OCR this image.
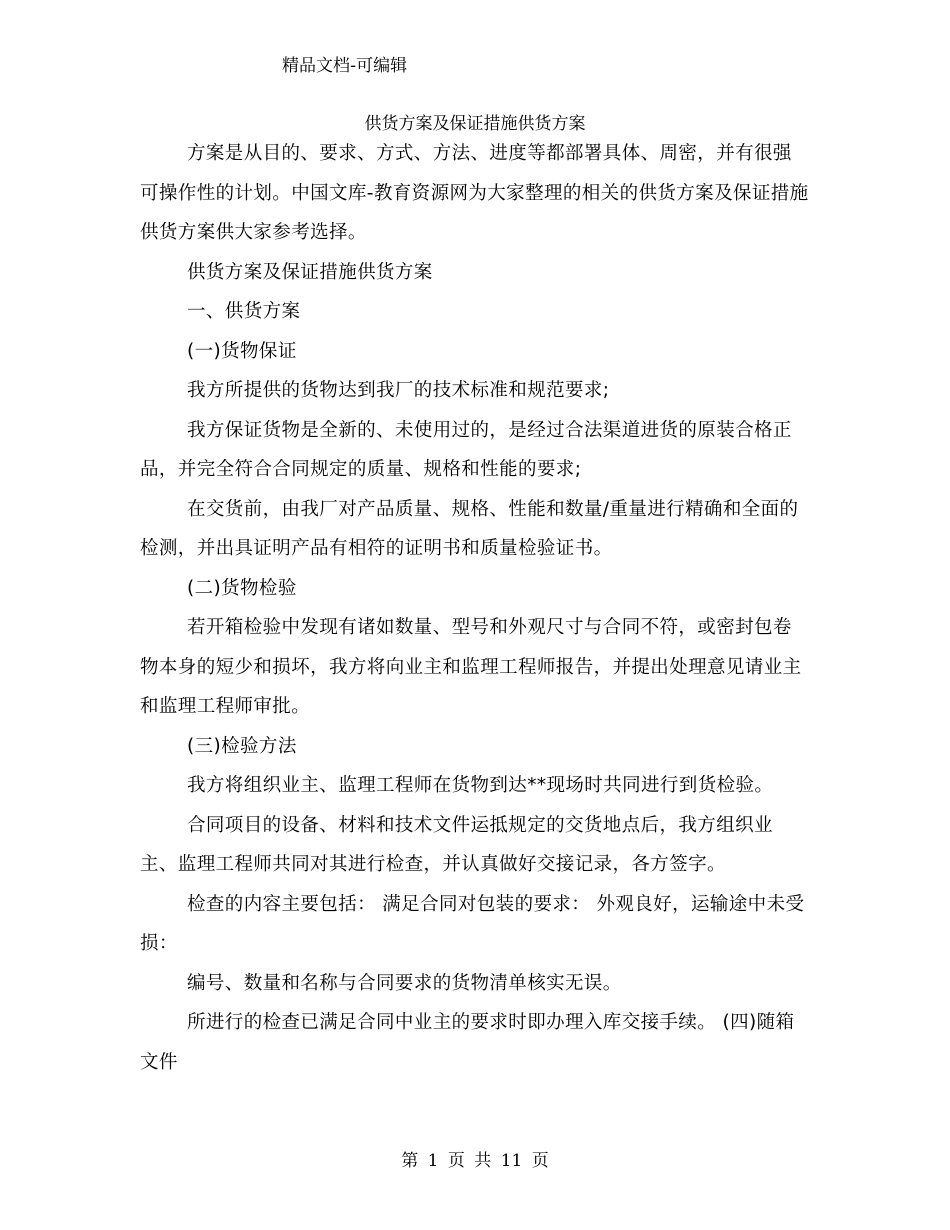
精品文档-可编辑
供货方案及保证措施供货方案

方案是从目的、要求、方式、方法、进度等都部署具体、周密，并有很强可操作性的计划。中国文库-教育资源网为大家整理的相关的供货方案及保证措施供货方案供大家参考选择。

供货方案及保证措施供货方案

一、供货方案

(一)货物保证

我方所提供的货物达到我厂的技术标准和规范要求;

我方保证货物是全新的、未使用过的，是经过合法渠道进货的原装合格正品，并完全符合合同规定的质量、规格和性能的要求;

在交货前，由我厂对产品质量、规格、性能和数量/重量进行精确和全面的检测，并出具证明产品有相符的证明书和质量检验证书。

(二)货物检验

若开箱检验中发现有诸如数量、型号和外观尺寸与合同不符，或密封包卷物本身的短少和损坏，我方将向业主和监理工程师报告，并提出处理意见请业主和监理工程师审批。

(三)检验方法

我方将组织业主、监理工程师在货物到达**现场时共同进行到货检验。

合同项目的设备、材料和技术文件运抵规定的交货地点后，我方组织业主、监理工程师共同对其进行检查，并认真做好交接记录，各方签字。

检查的内容主要包括： 满足合同对包装的要求： 外观良好，运输途中未受损：

编号、数量和名称与合同要求的货物清单核实无误。

所进行的检查已满足合同中业主的要求时即办理入库交接手续。 (四)随箱文件

第 1 页 共 11 页
